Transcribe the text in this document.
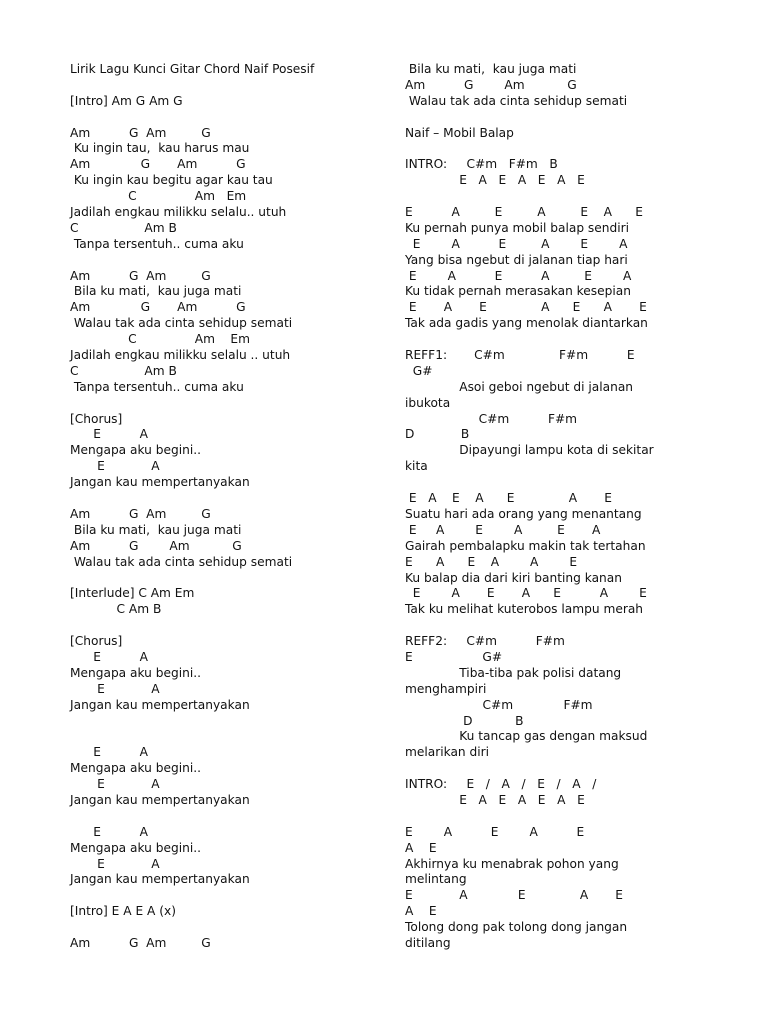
Lirik Lagu Kunci Gitar Chord Naif Posesif
[Intro] Am G Am G
Am          G  Am         G
Ku ingin tau,  kau harus mau
Am             G       Am          G
Ku ingin kau begitu agar kau tau
C               Am   Em
Jadilah engkau milikku selalu.. utuh
C                 Am B
Tanpa tersentuh.. cuma aku
Am          G  Am         G
Bila ku mati,  kau juga mati
Am             G       Am          G
Walau tak ada cinta sehidup semati
C               Am    Em
Jadilah engkau milikku selalu .. utuh
C                 Am B
Tanpa tersentuh.. cuma aku
[Chorus]
E          A
Mengapa aku begini..
E            A
Jangan kau mempertanyakan
Am          G  Am         G
Bila ku mati,  kau juga mati
Am          G        Am           G
Walau tak ada cinta sehidup semati
[Interlude] C Am Em
C Am B
[Chorus]
E          A
Mengapa aku begini..
E            A
Jangan kau mempertanyakan
E          A
Mengapa aku begini..
E            A
Jangan kau mempertanyakan
E          A
Mengapa aku begini..
E            A
Jangan kau mempertanyakan
[Intro] E A E A (x)
Am          G  Am         G
Bila ku mati,  kau juga mati
Am          G        Am           G
Walau tak ada cinta sehidup semati
Naif – Mobil Balap
INTRO:     C#m   F#m   B
E   A   E   A   E   A   E
E          A         E         A         E    A      E
Ku pernah punya mobil balap sendiri
E        A          E         A        E        A
Yang bisa ngebut di jalanan tiap hari
E        A          E          A         E        A
Ku tidak pernah merasakan kesepian
E       A       E              A      E      A       E
Tak ada gadis yang menolak diantarkan
REFF1:       C#m              F#m          E
G#
Asoi geboi ngebut di jalanan
ibukota
C#m          F#m
D            B
Dipayungi lampu kota di sekitar
kita
E   A    E    A      E              A       E
Suatu hari ada orang yang menantang
E     A        E        A         E       A
Gairah pembalapku makin tak tertahan
E      A      E    A        A        E
Ku balap dia dari kiri banting kanan
E        A       E       A      E          A        E
Tak ku melihat kuterobos lampu merah
REFF2:     C#m          F#m
E                  G#
Tiba-tiba pak polisi datang
menghampiri
C#m             F#m
D           B
Ku tancap gas dengan maksud
melarikan diri
INTRO:     E   /   A   /   E   /   A   /
E   A   E   A   E   A   E
E        A          E        A          E
A    E
Akhirnya ku menabrak pohon yang
melintang
E            A             E              A       E
A    E
Tolong dong pak tolong dong jangan
ditilang
